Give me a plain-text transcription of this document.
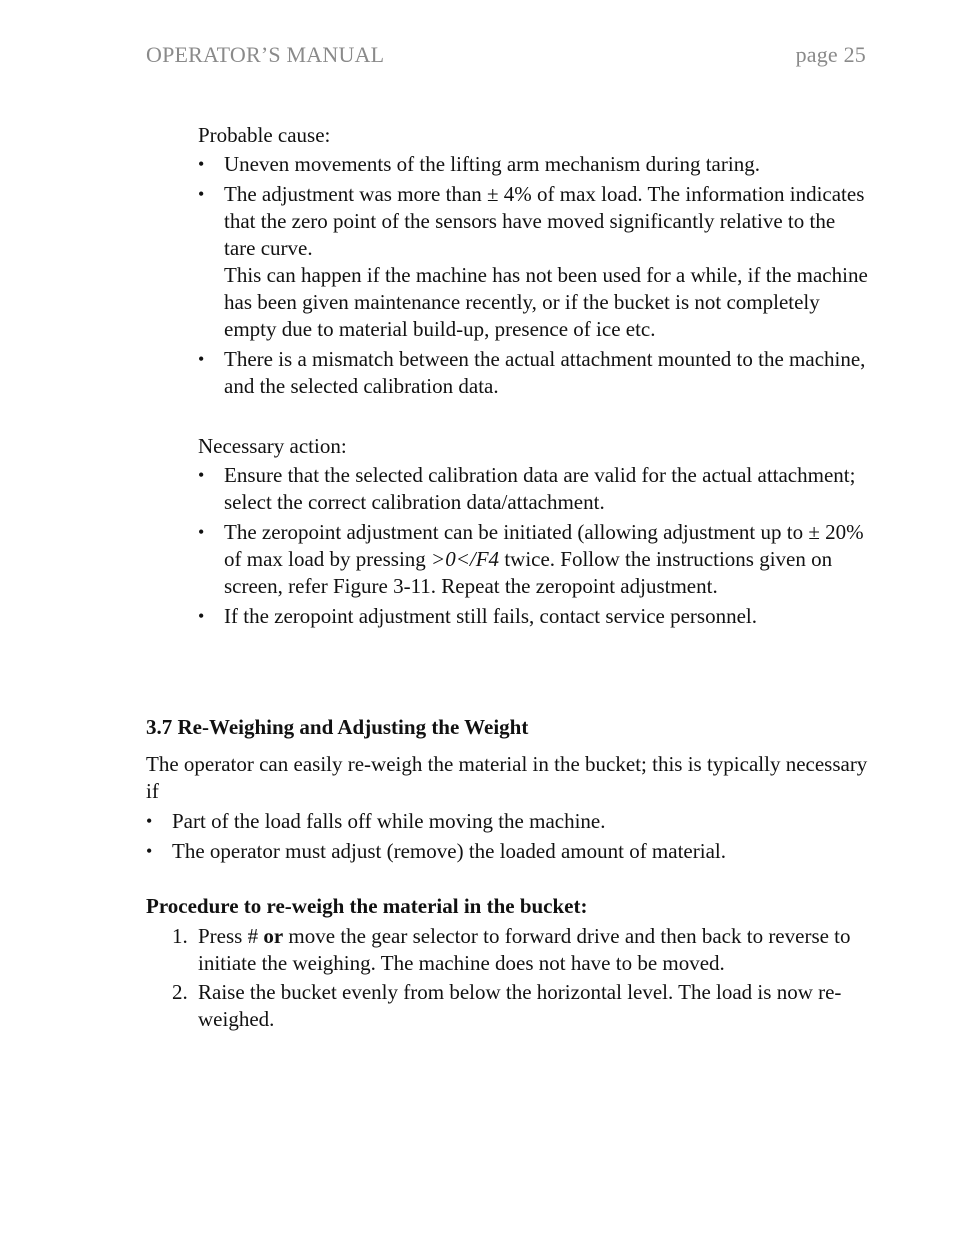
OPERATOR’S MANUAL	page 25

Probable cause:

• Uneven movements of the lifting arm mechanism during taring.
• The adjustment was more than ± 4% of max load. The information indicates that the zero point of the sensors have moved significantly relative to the tare curve.
This can happen if the machine has not been used for a while, if the machine has been given maintenance recently, or if the bucket is not completely empty due to material build-up, presence of ice etc.
• There is a mismatch between the actual attachment mounted to the machine, and the selected calibration data.

Necessary action:

• Ensure that the selected calibration data are valid for the actual attachment; select the correct calibration data/attachment.
• The zeropoint adjustment can be initiated (allowing adjustment up to ± 20% of max load by pressing >0</F4 twice. Follow the instructions given on screen, refer Figure 3-11. Repeat the zeropoint adjustment.
• If the zeropoint adjustment still fails, contact service personnel.

3.7 Re-Weighing and Adjusting the Weight

The operator can easily re-weigh the material in the bucket; this is typically necessary if

• Part of the load falls off while moving the machine.
• The operator must adjust (remove) the loaded amount of material.

Procedure to re-weigh the material in the bucket:

1. Press # or move the gear selector to forward drive and then back to reverse to initiate the weighing. The machine does not have to be moved.
2. Raise the bucket evenly from below the horizontal level. The load is now re-weighed.
